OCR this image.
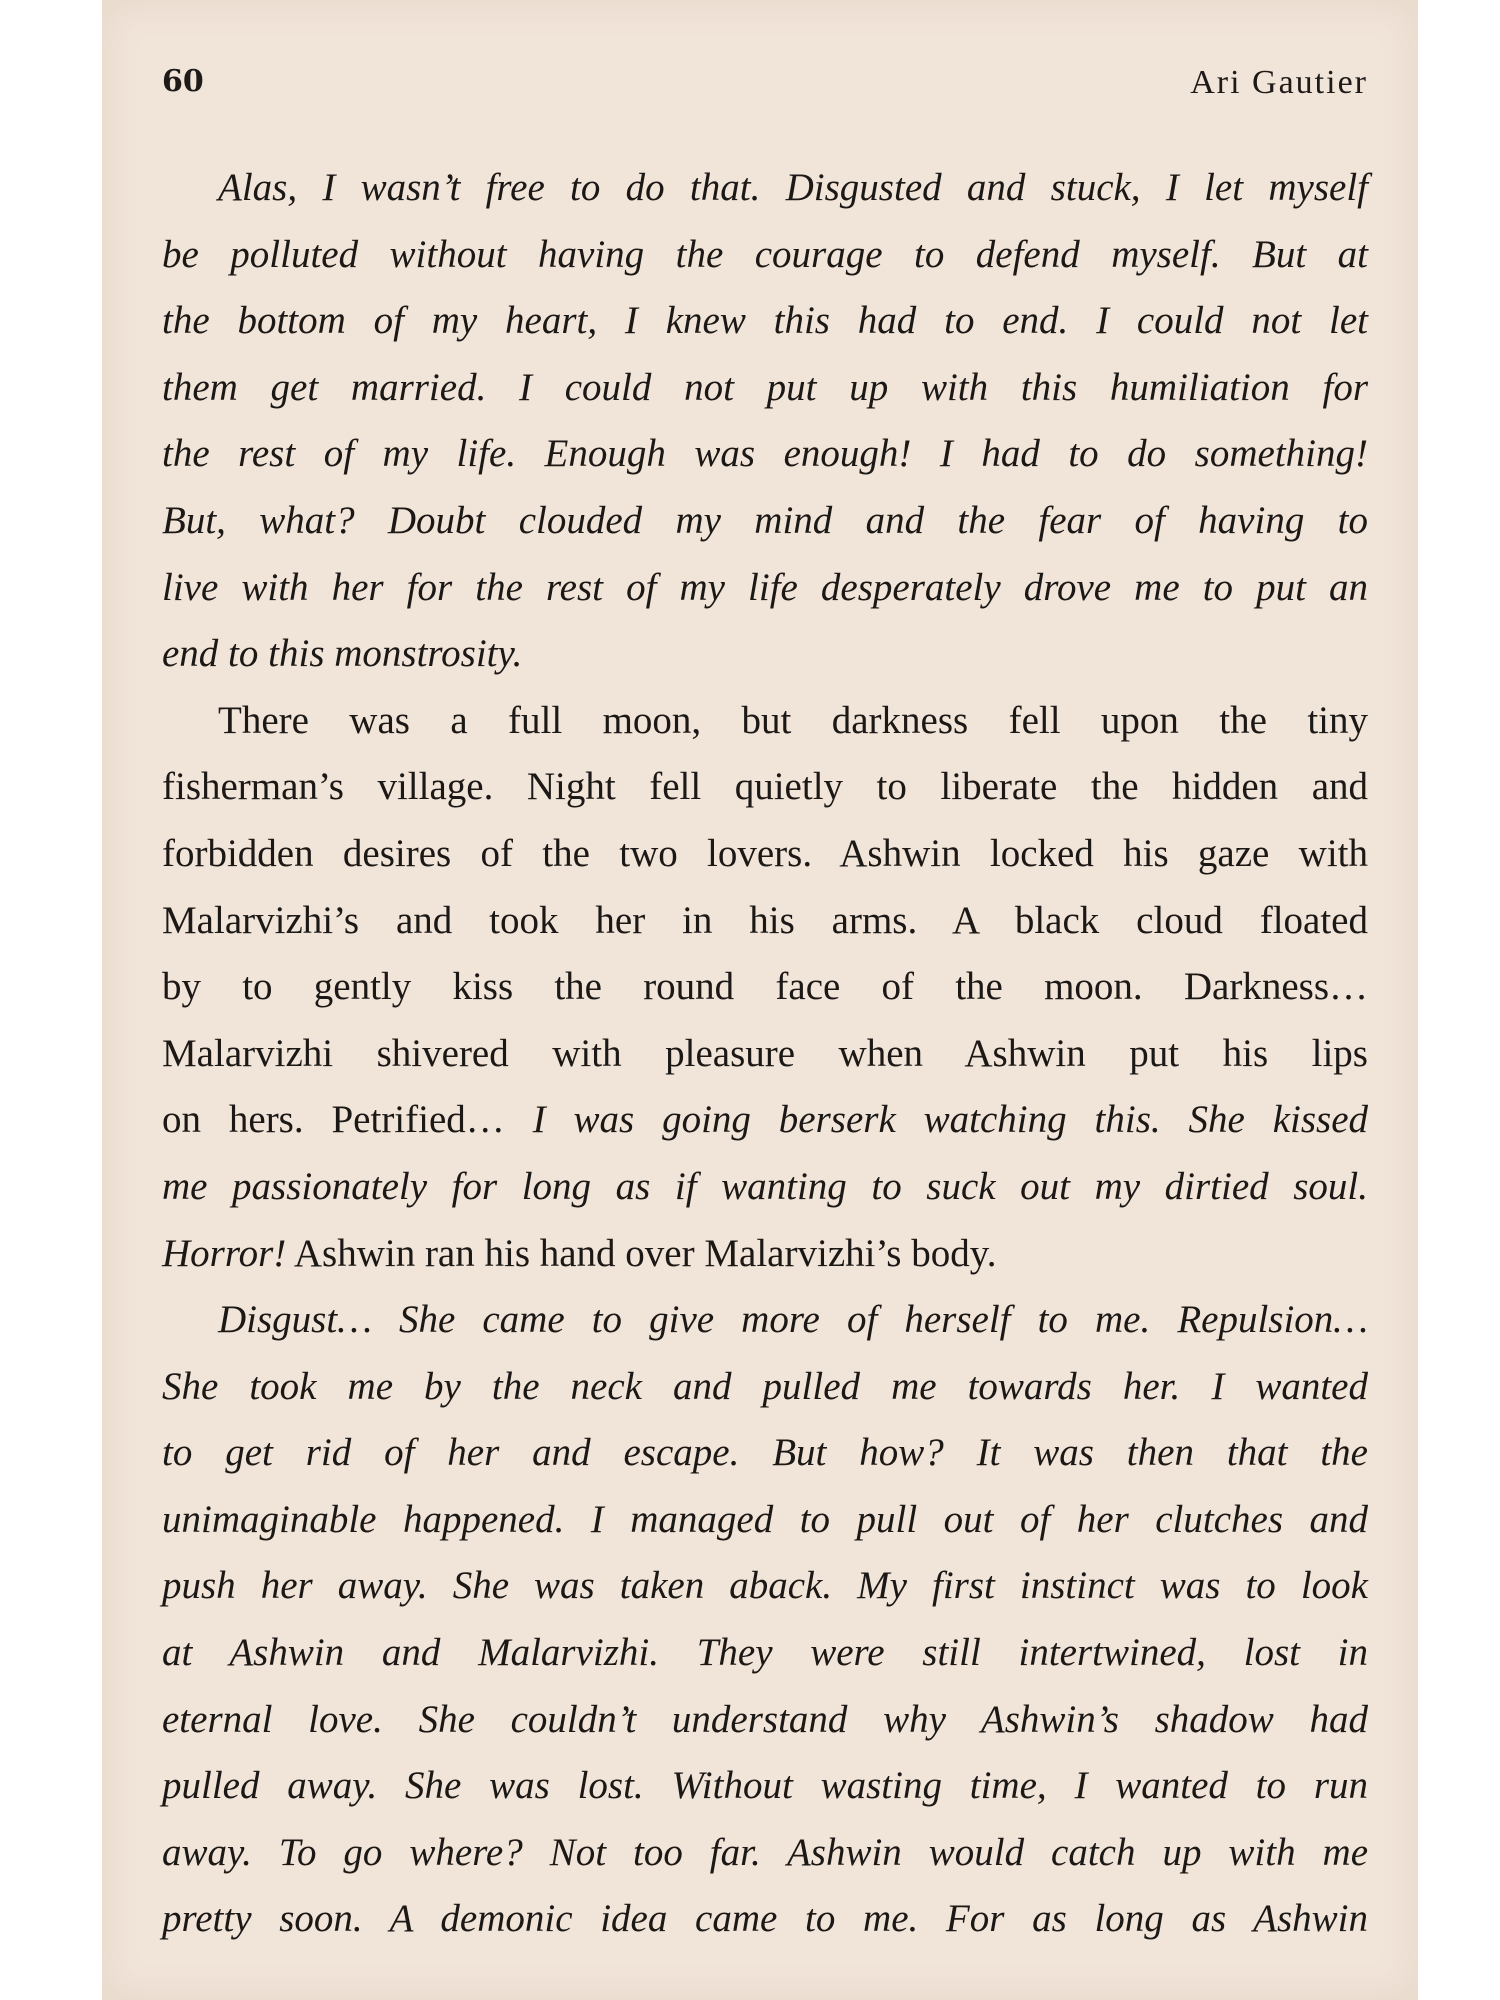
60	Ari Gautier
Alas, I wasn’t free to do that. Disgusted and stuck, I let myself
be polluted without having the courage to defend myself. But at
the bottom of my heart, I knew this had to end. I could not let
them get married. I could not put up with this humiliation for
the rest of my life. Enough was enough! I had to do something!
But, what? Doubt clouded my mind and the fear of having to
live with her for the rest of my life desperately drove me to put an
end to this monstrosity.
There was a full moon, but darkness fell upon the tiny
fisherman’s village. Night fell quietly to liberate the hidden and
forbidden desires of the two lovers. Ashwin locked his gaze with
Malarvizhi’s and took her in his arms. A black cloud floated
by to gently kiss the round face of the moon. Darkness…
Malarvizhi shivered with pleasure when Ashwin put his lips
on hers. Petrified… I was going berserk watching this. She kissed
me passionately for long as if wanting to suck out my dirtied soul.
Horror! Ashwin ran his hand over Malarvizhi’s body.
Disgust… She came to give more of herself to me. Repulsion…
She took me by the neck and pulled me towards her. I wanted
to get rid of her and escape. But how? It was then that the
unimaginable happened. I managed to pull out of her clutches and
push her away. She was taken aback. My first instinct was to look
at Ashwin and Malarvizhi. They were still intertwined, lost in
eternal love. She couldn’t understand why Ashwin’s shadow had
pulled away. She was lost. Without wasting time, I wanted to run
away. To go where? Not too far. Ashwin would catch up with me
pretty soon. A demonic idea came to me. For as long as Ashwin
